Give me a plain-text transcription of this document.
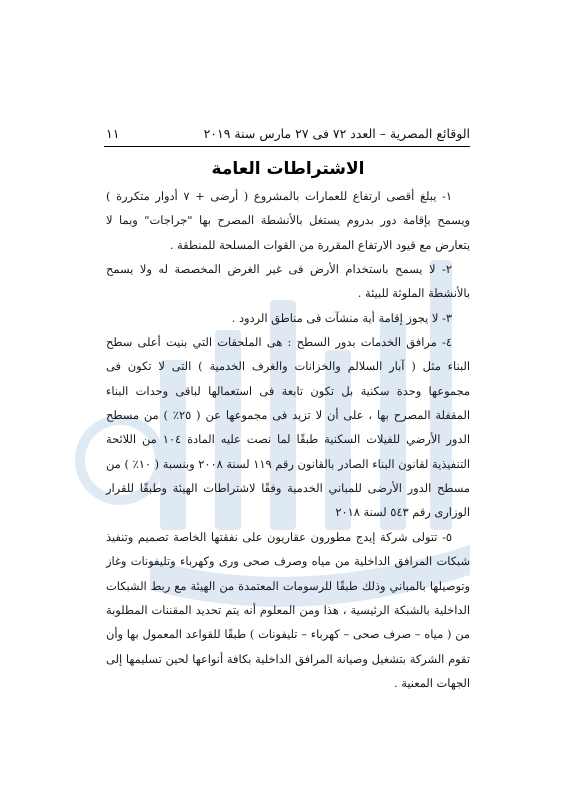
الوقائع المصرية – العدد ٧٢ فى ٢٧ مارس سنة ٢٠١٩
١١
الاشتراطات العامة

١- يبلغ أقصى ارتفاع للعمارات بالمشروع ( أرضى + ٧ أدوار متكررة ) ويسمح بإقامة دور بدروم يستغل بالأنشطة المصرح بها "جراجات" وبما لا يتعارض مع قيود الارتفاع المقررة من القوات المسلحة للمنطقة .

٢- لا يسمح باستخدام الأرض فى غير الغرض المخصصة له ولا يسمح بالأنشطة الملوثة للبيئة .

٣- لا يجوز إقامة أية منشآت فى مناطق الردود .

٤- مرافق الخدمات بدور السطح : هى الملحقات التي بنيت أعلى سطح البناء مثل ( آبار السلالم والخزانات والغرف الخدمية ) التى لا تكون فى مجموعها وحدة سكنية بل تكون تابعة فى استعمالها لباقى وحدات البناء المقفلة المصرح بها ، على أن لا تزيد فى مجموعها عن ( ٢٥٪ ) من مسطح الدور الأرضي للفيلات السكنية طبقًا لما نصت عليه المادة ١٠٤ من اللائحة التنفيذية لقانون البناء الصادر بالقانون رقم ١١٩ لسنة ٢٠٠٨ وبنسبة ( ١٠٪ ) من مسطح الدور الأرضى للمباني الخدمية وفقًا لاشتراطات الهيئة وطبقًا للقرار الوزارى رقم ٥٤٣ لسنة ٢٠١٨

٥- تتولى شركة إيدج مطورون عقاريون على نفقتها الخاصة تصميم وتنفيذ شبكات المرافق الداخلية من مياه وصرف صحى ورى وكهرباء وتليفونات وغاز وتوصيلها بالمباني وذلك طبقًا للرسومات المعتمدة من الهيئة مع ربط الشبكات الداخلية بالشبكة الرئيسية ، هذا ومن المعلوم أنه يتم تحديد المقننات المطلوبة من ( مياه – صرف صحى – كهرباء – تليفونات ) طبقًا للقواعد المعمول بها وأن تقوم الشركة بتشغيل وصيانة المرافق الداخلية بكافة أنواعها لحين تسليمها إلى الجهات المعنية .
